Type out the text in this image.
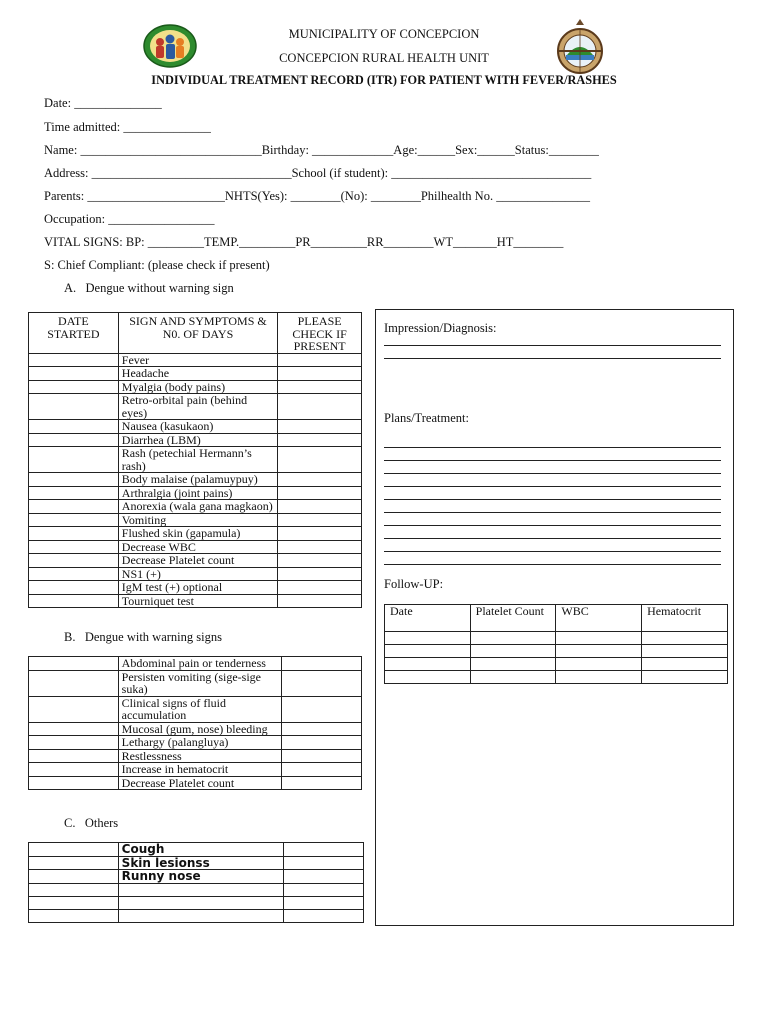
MUNICIPALITY OF CONCEPCION
CONCEPCION RURAL HEALTH UNIT
INDIVIDUAL TREATMENT RECORD (ITR) FOR PATIENT WITH FEVER/RASHES
Date: ______________
Time admitted: ______________
Name: _____________________________Birthday: _____________Age:______Sex:______Status:________
Address: ________________________________School (if student): ________________________________
Parents: ______________________NHTS(Yes): ________(No): ________Philhealth No. _______________
Occupation: _________________
VITAL SIGNS: BP: _________TEMP._________PR_________RR________WT_______HT________
S: Chief Compliant: (please check if present)
A.   Dengue without warning sign
DATE STARTED	SIGN AND SYMPTOMS & N0. OF DAYS	PLEASE CHECK IF PRESENT
	Fever	
	Headache	
	Myalgia (body pains)	
	Retro-orbital pain (behind eyes)	
	Nausea (kasukaon)	
	Diarrhea (LBM)	
	Rash (petechial Hermann’s rash)	
	Body malaise (palamuypuy)	
	Arthralgia (joint pains)	
	Anorexia (wala gana magkaon)	
	Vomiting	
	Flushed skin (gapamula)	
	Decrease WBC	
	Decrease Platelet count	
	NS1 (+)	
	IgM test (+) optional	
	Tourniquet test	
B.   Dengue with warning signs
	Abdominal pain or tenderness	
	Persisten vomiting (sige-sige suka)	
	Clinical signs of fluid accumulation	
	Mucosal (gum, nose) bleeding	
	Lethargy (palangluya)	
	Restlessness	
	Increase in hematocrit	
	Decrease Platelet count	
C.   Others
	Cough	
	Skin lesionss	
	Runny nose	

Impression/Diagnosis:
Plans/Treatment:
Follow-UP:
Date	Platelet Count	WBC	Hematocrit
